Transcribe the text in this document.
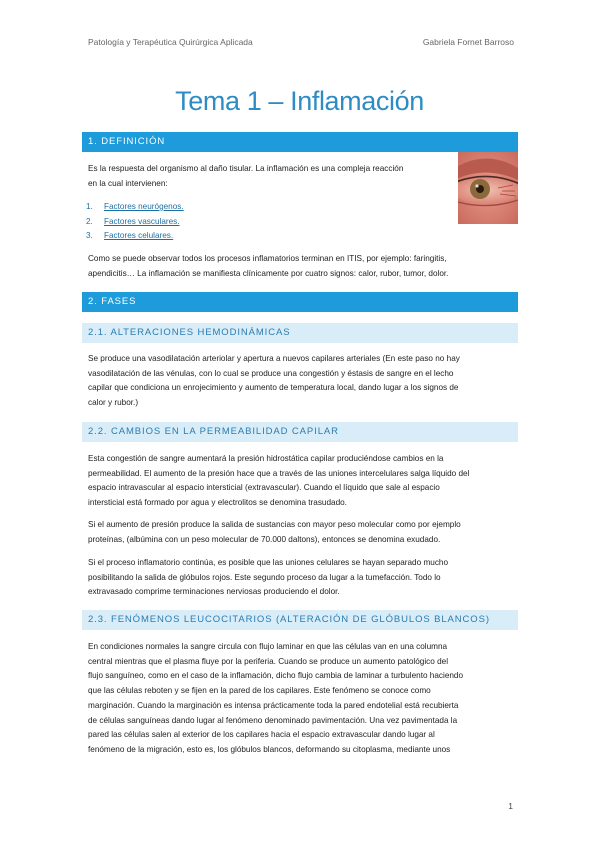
Patología y Terapéutica Quirúrgica Aplicada	Gabriela Fornet Barroso
Tema 1 – Inflamación
1. DEFINICIÓN
Es la respuesta del organismo al daño tisular. La inflamación es una compleja reacción
en la cual intervienen:
1.	Factores neurógenos.
2.	Factores vasculares.
3.	Factores celulares.
Como se puede observar todos los procesos inflamatorios terminan en ITIS, por ejemplo: faringitis,
apendicitis… La inflamación se manifiesta clínicamente por cuatro signos: calor, rubor, tumor, dolor.
2. FASES
2.1. ALTERACIONES HEMODINÁMICAS
Se produce una vasodilatación arteriolar y apertura a nuevos capilares arteriales (En este paso no hay
vasodilatación de las vénulas, con lo cual se produce una congestión y éstasis de sangre en el lecho
capilar que condiciona un enrojecimiento y aumento de temperatura local, dando lugar a los signos de
calor y rubor.)
2.2. CAMBIOS EN LA PERMEABILIDAD CAPILAR
Esta congestión de sangre aumentará la presión hidrostática capilar produciéndose cambios en la
permeabilidad. El aumento de la presión hace que a través de las uniones intercelulares salga líquido del
espacio intravascular al espacio intersticial (extravascular). Cuando el líquido que sale al espacio
intersticial está formado por agua y electrolitos se denomina trasudado.
Si el aumento de presión produce la salida de sustancias con mayor peso molecular como por ejemplo
proteínas, (albúmina con un peso molecular de 70.000 daltons), entonces se denomina exudado.
Si el proceso inflamatorio continúa, es posible que las uniones celulares se hayan separado mucho
posibilitando la salida de glóbulos rojos. Este segundo proceso da lugar a la tumefacción. Todo lo
extravasado comprime terminaciones nerviosas produciendo el dolor.
2.3. FENÓMENOS LEUCOCITARIOS (ALTERACIÓN DE GLÓBULOS BLANCOS)
En condiciones normales la sangre circula con flujo laminar en que las células van en una columna
central mientras que el plasma fluye por la periferia. Cuando se produce un aumento patológico del
flujo sanguíneo, como en el caso de la inflamación, dicho flujo cambia de laminar a turbulento haciendo
que las células reboten y se fijen en la pared de los capilares. Este fenómeno se conoce como
marginación. Cuando la marginación es intensa prácticamente toda la pared endotelial está recubierta
de células sanguíneas dando lugar al fenómeno denominado pavimentación. Una vez pavimentada la
pared las células salen al exterior de los capilares hacia el espacio extravascular dando lugar al
fenómeno de la migración, esto es, los glóbulos blancos, deformando su citoplasma, mediante unos
1
